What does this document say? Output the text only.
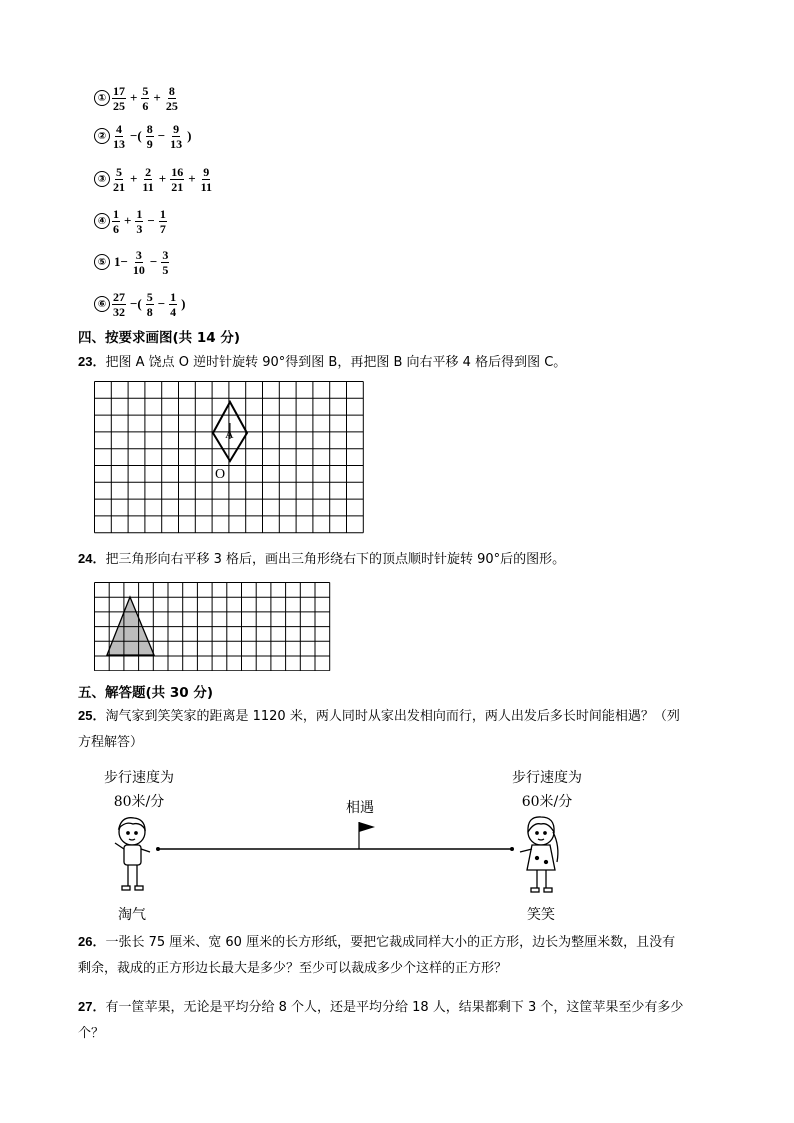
① $\frac{17}{25} + \frac{5}{6} + \frac{8}{25}$
② $\frac{4}{13}$ −( $\frac{8}{9} - \frac{9}{13}$ )
③ $\frac{5}{21} + \frac{2}{11} + \frac{16}{21} + \frac{9}{11}$
④ $\frac{1}{6} + \frac{1}{3} - \frac{1}{7}$
⑤ $1- \frac{3}{10} - \frac{3}{5}$
⑥ $\frac{27}{32}$ −( $\frac{5}{8} - \frac{1}{4}$ )
四、按要求画图(共 14 分)
23．把图 A 饶点 O 逆时针旋转 90°得到图 B，再把图 B 向右平移 4 格后得到图 C。
A
O
24．把三角形向右平移 3 格后，画出三角形绕右下的顶点顺时针旋转 90°后的图形。
五、解答题(共 30 分)
25．淘气家到笑笑家的距离是 1120 米，两人同时从家出发相向而行，两人出发后多长时间能相遇？（列
方程解答）
步行速度为
80米/分
步行速度为
60米/分
相遇
淘气	笑笑
26．一张长 75 厘米、宽 60 厘米的长方形纸，要把它裁成同样大小的正方形，边长为整厘米数，且没有
剩余，裁成的正方形边长最大是多少？至少可以裁成多少个这样的正方形？
27．有一筐苹果，无论是平均分给 8 个人，还是平均分给 18 人，结果都剩下 3 个，这筐苹果至少有多少
个？
